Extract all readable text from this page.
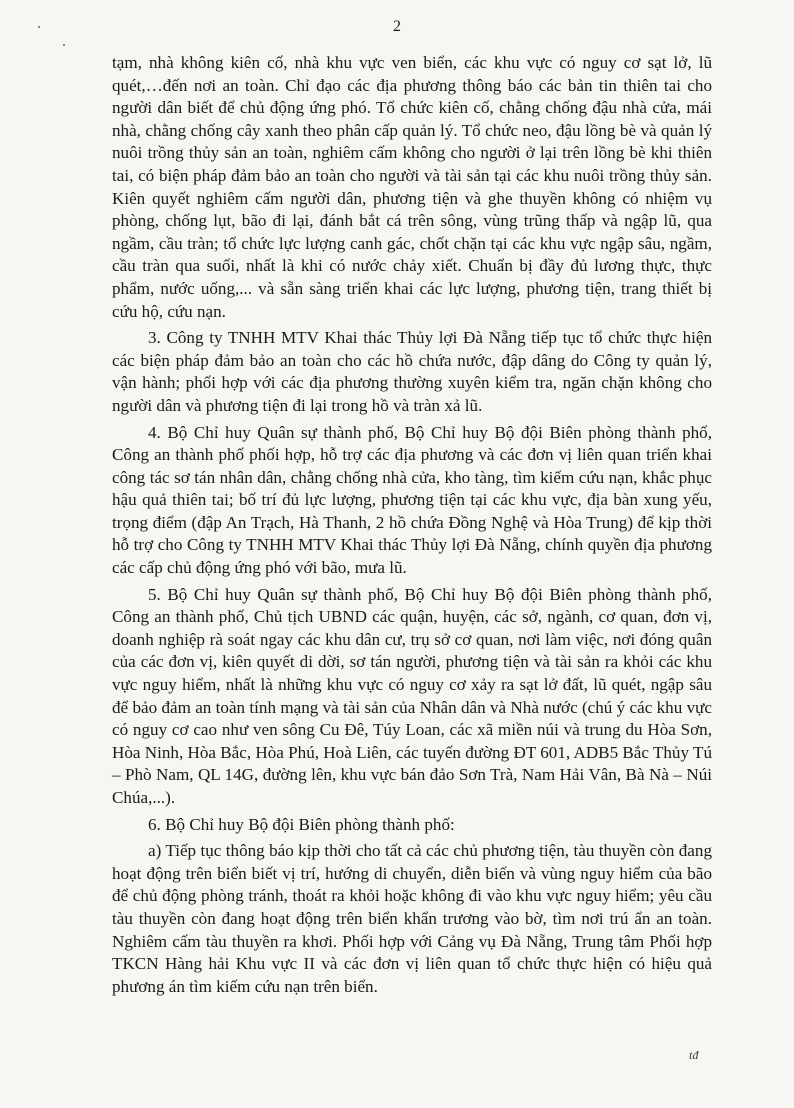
2

tạm, nhà không kiên cố, nhà khu vực ven biển, các khu vực có nguy cơ sạt lở, lũ quét,…đến nơi an toàn. Chỉ đạo các địa phương thông báo các bản tin thiên tai cho người dân biết để chủ động ứng phó. Tổ chức kiên cố, chằng chống đậu nhà cửa, mái nhà, chằng chống cây xanh theo phân cấp quản lý. Tổ chức neo, đậu lồng bè và quản lý nuôi trồng thủy sản an toàn, nghiêm cấm không cho người ở lại trên lồng bè khi thiên tai, có biện pháp đảm bảo an toàn cho người và tài sản tại các khu nuôi trồng thủy sản. Kiên quyết nghiêm cấm người dân, phương tiện và ghe thuyền không có nhiệm vụ phòng, chống lụt, bão đi lại, đánh bắt cá trên sông, vùng trũng thấp và ngập lũ, qua ngầm, cầu tràn; tổ chức lực lượng canh gác, chốt chặn tại các khu vực ngập sâu, ngầm, cầu tràn qua suối, nhất là khi có nước chảy xiết. Chuẩn bị đầy đủ lương thực, thực phẩm, nước uống,... và sẵn sàng triển khai các lực lượng, phương tiện, trang thiết bị cứu hộ, cứu nạn.

3. Công ty TNHH MTV Khai thác Thủy lợi Đà Nẵng tiếp tục tổ chức thực hiện các biện pháp đảm bảo an toàn cho các hồ chứa nước, đập dâng do Công ty quản lý, vận hành; phối hợp với các địa phương thường xuyên kiểm tra, ngăn chặn không cho người dân và phương tiện đi lại trong hồ và tràn xả lũ.

4. Bộ Chỉ huy Quân sự thành phố, Bộ Chỉ huy Bộ đội Biên phòng thành phố, Công an thành phố phối hợp, hỗ trợ các địa phương và các đơn vị liên quan triển khai công tác sơ tán nhân dân, chằng chống nhà cửa, kho tàng, tìm kiếm cứu nạn, khắc phục hậu quả thiên tai; bố trí đủ lực lượng, phương tiện tại các khu vực, địa bàn xung yếu, trọng điểm (đập An Trạch, Hà Thanh, 2 hồ chứa Đồng Nghệ và Hòa Trung) để kịp thời hỗ trợ cho Công ty TNHH MTV Khai thác Thủy lợi Đà Nẵng, chính quyền địa phương các cấp chủ động ứng phó với bão, mưa lũ.

5. Bộ Chỉ huy Quân sự thành phố, Bộ Chỉ huy Bộ đội Biên phòng thành phố, Công an thành phố, Chủ tịch UBND các quận, huyện, các sở, ngành, cơ quan, đơn vị, doanh nghiệp rà soát ngay các khu dân cư, trụ sở cơ quan, nơi làm việc, nơi đóng quân của các đơn vị, kiên quyết di dời, sơ tán người, phương tiện và tài sản ra khỏi các khu vực nguy hiểm, nhất là những khu vực có nguy cơ xảy ra sạt lở đất, lũ quét, ngập sâu để bảo đảm an toàn tính mạng và tài sản của Nhân dân và Nhà nước (chú ý các khu vực có nguy cơ cao như ven sông Cu Đê, Túy Loan, các xã miền núi và trung du Hòa Sơn, Hòa Ninh, Hòa Bắc, Hòa Phú, Hoà Liên, các tuyến đường ĐT 601, ADB5 Bắc Thủy Tú – Phò Nam, QL 14G, đường lên, khu vực bán đảo Sơn Trà, Nam Hải Vân, Bà Nà – Núi Chúa,...).

6. Bộ Chỉ huy Bộ đội Biên phòng thành phố:

a) Tiếp tục thông báo kịp thời cho tất cả các chủ phương tiện, tàu thuyền còn đang hoạt động trên biển biết vị trí, hướng di chuyển, diễn biến và vùng nguy hiểm của bão để chủ động phòng tránh, thoát ra khỏi hoặc không đi vào khu vực nguy hiểm; yêu cầu tàu thuyền còn đang hoạt động trên biển khẩn trương vào bờ, tìm nơi trú ẩn an toàn. Nghiêm cấm tàu thuyền ra khơi. Phối hợp với Cảng vụ Đà Nẵng, Trung tâm Phối hợp TKCN Hàng hải Khu vực II và các đơn vị liên quan tổ chức thực hiện có hiệu quả phương án tìm kiếm cứu nạn trên biển.

tđ
